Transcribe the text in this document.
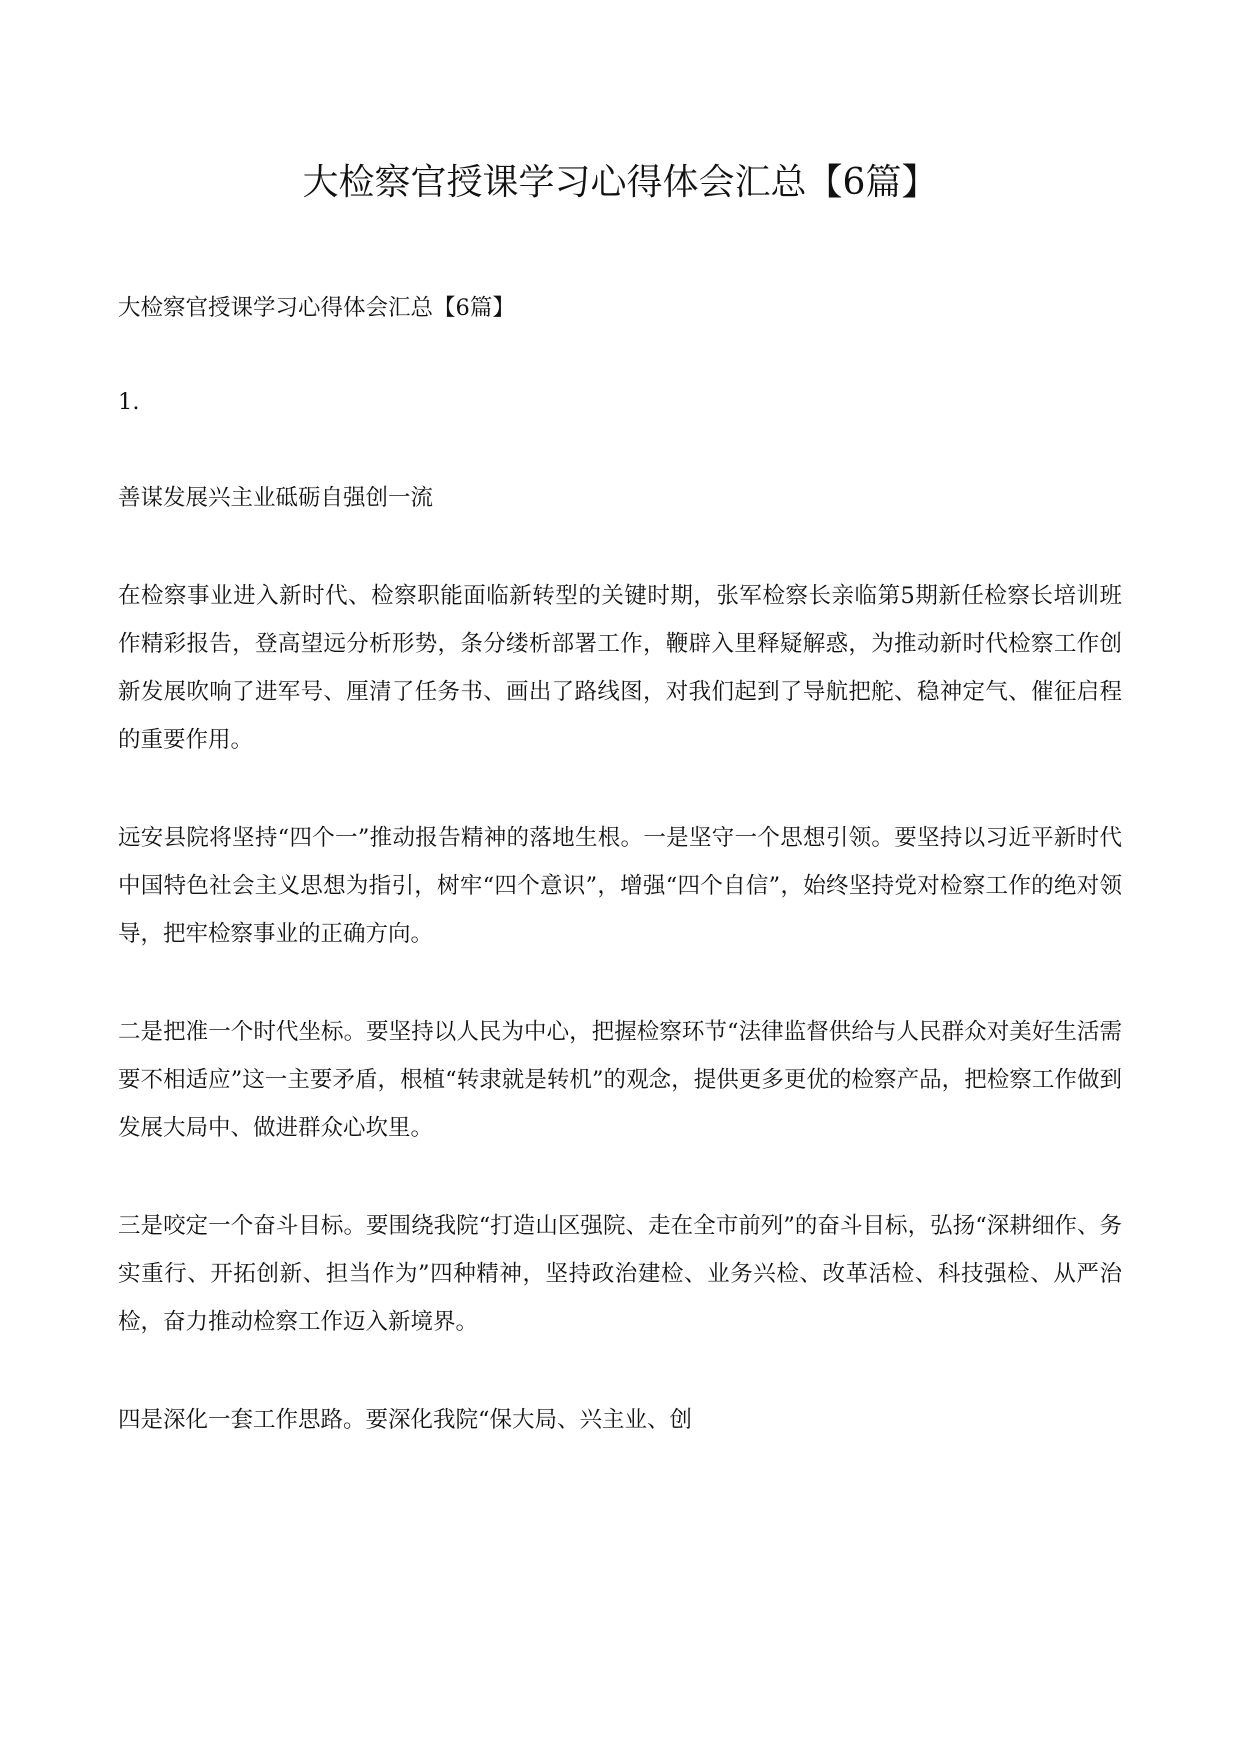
大检察官授课学习心得体会汇总【6篇】

大检察官授课学习心得体会汇总【6篇】

1.

善谋发展兴主业砥砺自强创一流

在检察事业进入新时代、检察职能面临新转型的关键时期，张军检察长亲临第5期新任检察长培训班作精彩报告，登高望远分析形势，条分缕析部署工作，鞭辟入里释疑解惑，为推动新时代检察工作创新发展吹响了进军号、厘清了任务书、画出了路线图，对我们起到了导航把舵、稳神定气、催征启程的重要作用。

远安县院将坚持“四个一”推动报告精神的落地生根。一是坚守一个思想引领。要坚持以习近平新时代中国特色社会主义思想为指引，树牢“四个意识”，增强“四个自信”，始终坚持党对检察工作的绝对领导，把牢检察事业的正确方向。

二是把准一个时代坐标。要坚持以人民为中心，把握检察环节“法律监督供给与人民群众对美好生活需要不相适应”这一主要矛盾，根植“转隶就是转机”的观念，提供更多更优的检察产品，把检察工作做到发展大局中、做进群众心坎里。

三是咬定一个奋斗目标。要围绕我院“打造山区强院、走在全市前列”的奋斗目标，弘扬“深耕细作、务实重行、开拓创新、担当作为”四种精神，坚持政治建检、业务兴检、改革活检、科技强检、从严治检，奋力推动检察工作迈入新境界。

四是深化一套工作思路。要深化我院“保大局、兴主业、创
